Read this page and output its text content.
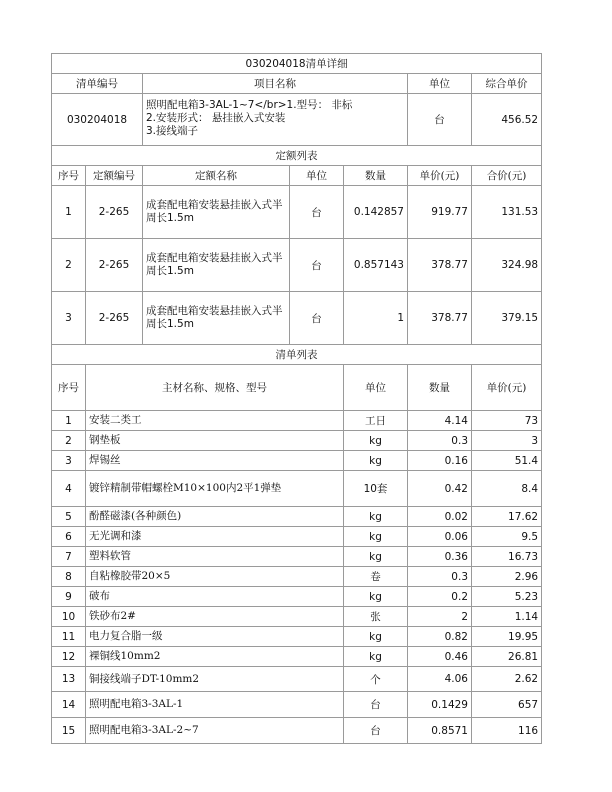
030204018清单详细							
清单编号		项目名称			单位	综合单价	
030204018		照明配电箱3-3AL-1~7</br>1.型号： 非标
2.安装形式： 悬挂嵌入式安装
3.接线端子			台	456.52	
定额列表							
序号	定额编号	定额名称	单位	数量	单价(元)	合价(元)	
1	2-265	成套配电箱安装悬挂嵌入式半周长1.5m	台	0.142857	919.77	131.53	
2	2-265	成套配电箱安装悬挂嵌入式半周长1.5m	台	0.857143	378.77	324.98	
3	2-265	成套配电箱安装悬挂嵌入式半周长1.5m	台	1	378.77	379.15	
清单列表							
序号	主材名称、规格、型号			单位	数量	单价(元)	
1	安装二类工			工日	4.14	73	
2	钢垫板			kg	0.3	3	
3	焊锡丝			kg	0.16	51.4	
4	镀锌精制带帽螺栓M10×100内2平1弹垫			10套	0.42	8.4	
5	酚醛磁漆(各种颜色)			kg	0.02	17.62	
6	无光调和漆			kg	0.06	9.5	
7	塑料软管			kg	0.36	16.73	
8	自粘橡胶带20×5			卷	0.3	2.96	
9	破布			kg	0.2	5.23	
10	铁砂布2#			张	2	1.14	
11	电力复合脂一级			kg	0.82	19.95	
12	裸铜线10mm2			kg	0.46	26.81	
13	铜接线端子DT-10mm2			个	4.06	2.62	
14	照明配电箱3-3AL-1			台	0.1429	657	
15	照明配电箱3-3AL-2~7			台	0.8571	116	
